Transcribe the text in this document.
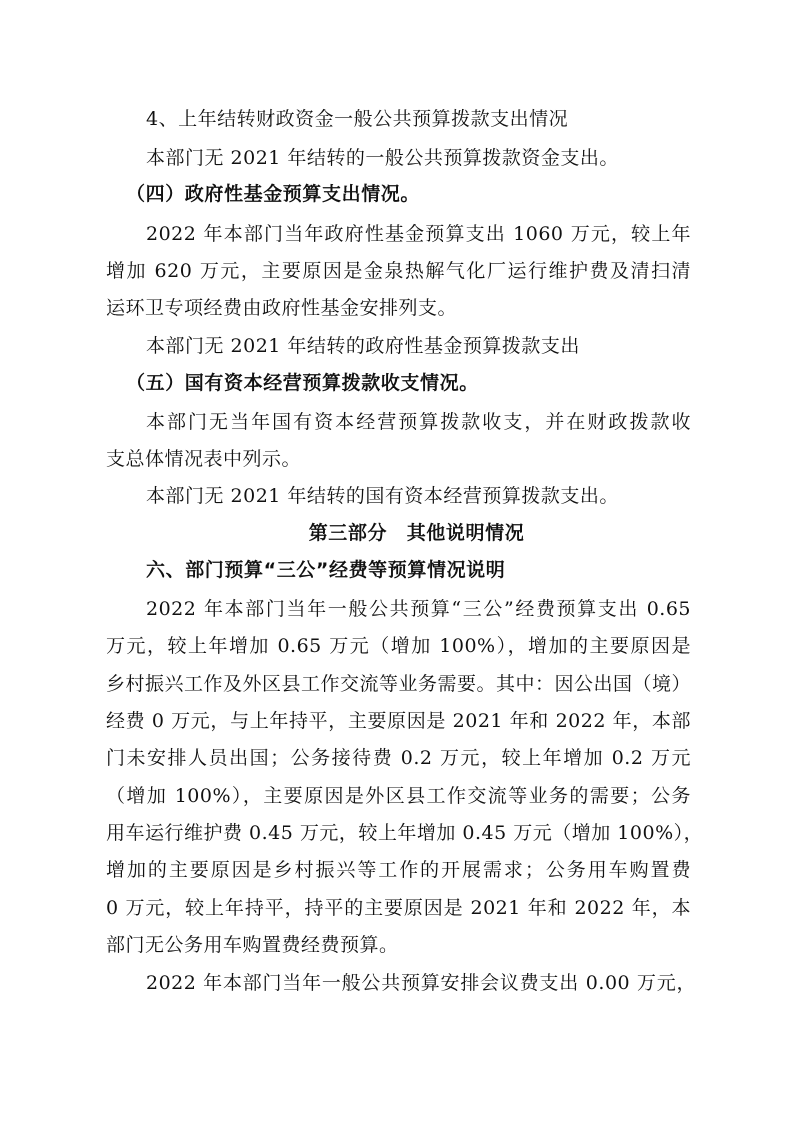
4、上年结转财政资金一般公共预算拨款支出情况
本部门无 2021 年结转的一般公共预算拨款资金支出。
（四）政府性基金预算支出情况。
2022 年本部门当年政府性基金预算支出 1060 万元，较上年
增加 620 万元，主要原因是金泉热解气化厂运行维护费及清扫清
运环卫专项经费由政府性基金安排列支。
本部门无 2021 年结转的政府性基金预算拨款支出
（五）国有资本经营预算拨款收支情况。
本部门无当年国有资本经营预算拨款收支，并在财政拨款收
支总体情况表中列示。
本部门无 2021 年结转的国有资本经营预算拨款支出。
第三部分　其他说明情况
六、部门预算“三公”经费等预算情况说明
2022 年本部门当年一般公共预算“三公”经费预算支出 0.65
万元，较上年增加 0.65 万元（增加 100%），增加的主要原因是
乡村振兴工作及外区县工作交流等业务需要。其中：因公出国（境）
经费 0 万元，与上年持平，主要原因是 2021 年和 2022 年，本部
门未安排人员出国；公务接待费 0.2 万元，较上年增加 0.2 万元
（增加 100%），主要原因是外区县工作交流等业务的需要；公务
用车运行维护费 0.45 万元，较上年增加 0.45 万元（增加 100%），
增加的主要原因是乡村振兴等工作的开展需求；公务用车购置费
0 万元，较上年持平，持平的主要原因是 2021 年和 2022 年，本
部门无公务用车购置费经费预算。
2022 年本部门当年一般公共预算安排会议费支出 0.00 万元，
